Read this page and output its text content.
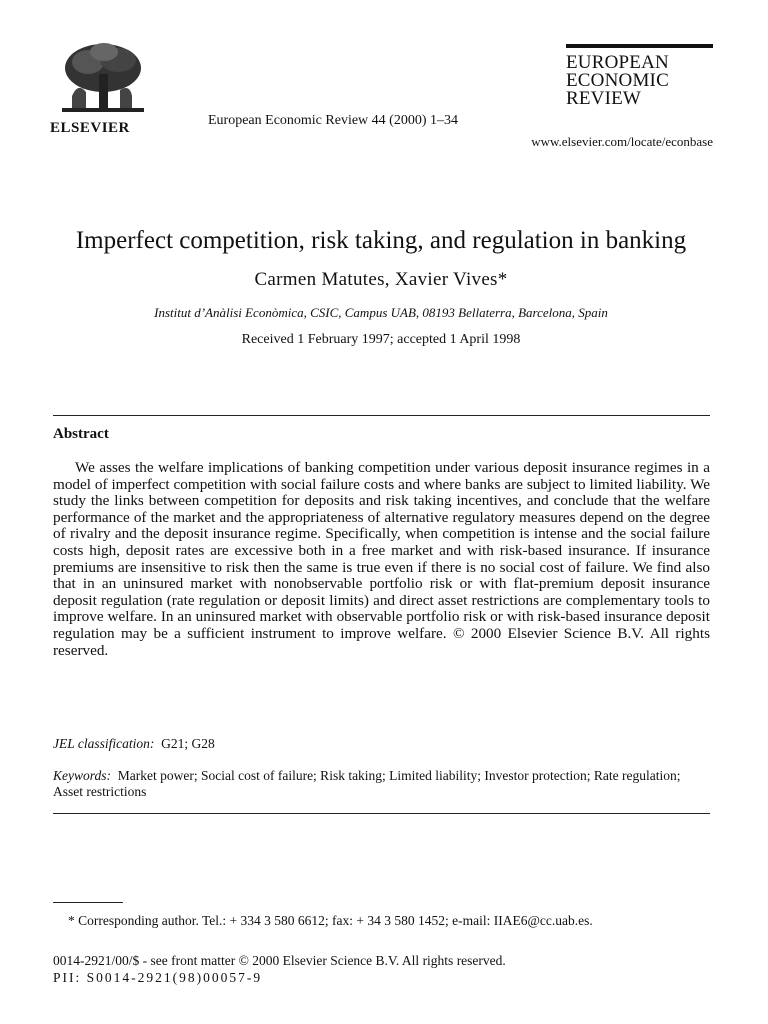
ELSEVIER	European Economic Review 44 (2000) 1–34
EUROPEAN
ECONOMIC
REVIEW
www.elsevier.com/locate/econbase
Imperfect competition, risk taking, and regulation in banking
Carmen Matutes, Xavier Vives*
Institut d’Anàlisi Econòmica, CSIC, Campus UAB, 08193 Bellaterra, Barcelona, Spain
Received 1 February 1997; accepted 1 April 1998
Abstract

We asses the welfare implications of banking competition under various deposit insurance regimes in a model of imperfect competition with social failure costs and where banks are subject to limited liability. We study the links between competition for deposits and risk taking incentives, and conclude that the welfare performance of the market and the appropriateness of alternative regulatory measures depend on the degree of rivalry and the deposit insurance regime. Specifically, when competition is intense and the social failure costs high, deposit rates are excessive both in a free market and with risk-based insurance. If insurance premiums are insensitive to risk then the same is true even if there is no social cost of failure. We find also that in an uninsured market with nonobservable portfolio risk or with flat-premium deposit insurance deposit regulation (rate regulation or deposit limits) and direct asset restrictions are complementary tools to improve welfare. In an uninsured market with observable portfolio risk or with risk-based insurance deposit regulation may be a sufficient instrument to improve welfare. © 2000 Elsevier Science B.V. All rights reserved.

JEL classification: G21; G28
Keywords: Market power; Social cost of failure; Risk taking; Limited liability; Investor protection; Rate regulation; Asset restrictions
* Corresponding author. Tel.: + 334 3 580 6612; fax: + 34 3 580 1452; e-mail: IIAE6@cc.uab.es.
0014-2921/00/$ - see front matter © 2000 Elsevier Science B.V. All rights reserved.
PII: S0014-2921(98)00057-9
